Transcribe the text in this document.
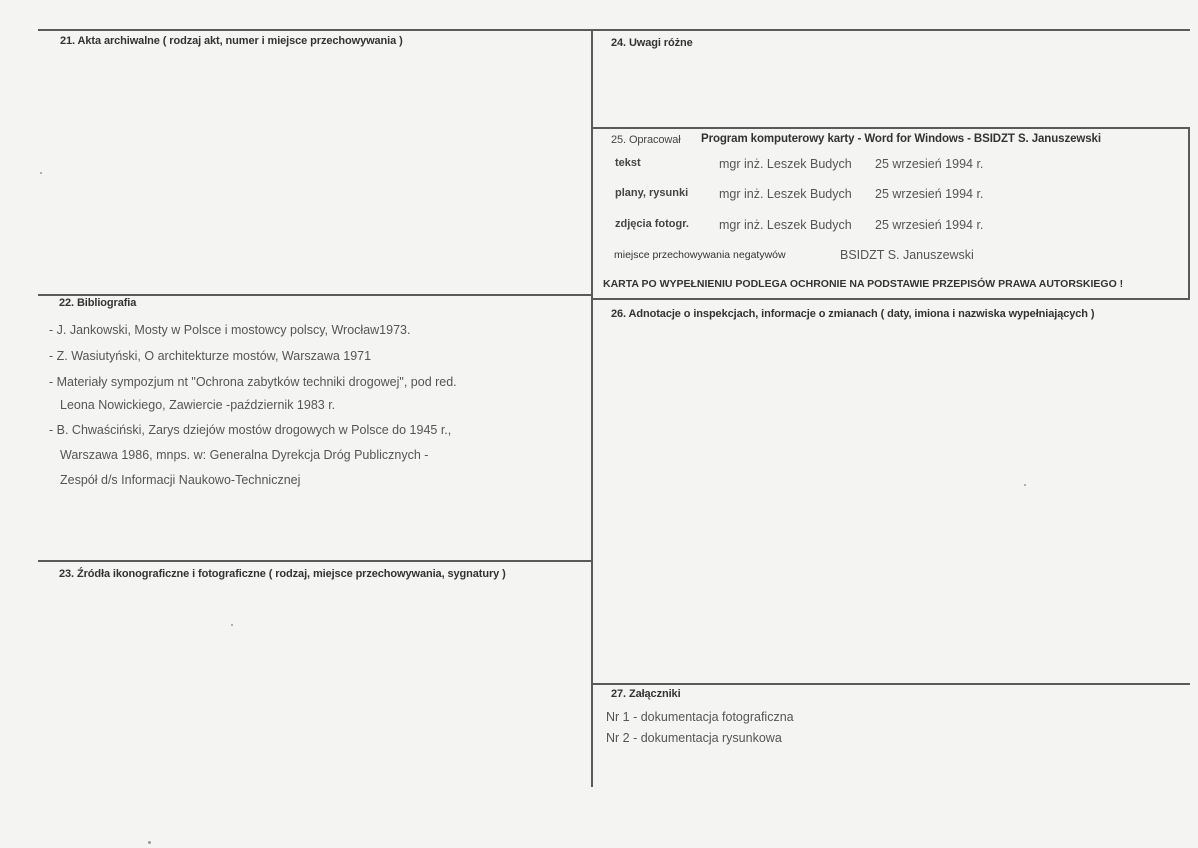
21. Akta archiwalne ( rodzaj akt, numer i miejsce przechowywania )	24. Uwagi różne
25. Opracował Program komputerowy karty - Word for Windows - BSIDZT S. Januszewski
tekst	mgr inż. Leszek Budych 25 wrzesień 1994 r.
plany, rysunki mgr inż. Leszek Budych 25 wrzesień 1994 r.
zdjęcia fotogr. mgr inż. Leszek Budych 25 wrzesień 1994 r.
miejsce przechowywania negatywów	BSIDZT S. Januszewski
KARTA PO WYPEŁNIENIU PODLEGA OCHRONIE NA PODSTAWIE PRZEPISÓW PRAWA AUTORSKIEGO !
22. Bibliografia
- J. Jankowski, Mosty w Polsce i mostowcy polscy, Wrocław1973.
- Z. Wasiutyński, O architekturze mostów, Warszawa 1971
- Materiały sympozjum nt "Ochrona zabytków techniki drogowej", pod red.
Leona Nowickiego, Zawiercie -październik 1983 r.
- B. Chwaściński, Zarys dziejów mostów drogowych w Polsce do 1945 r.,
Warszawa 1986, mnps. w: Generalna Dyrekcja Dróg Publicznych -
Zespół d/s Informacji Naukowo-Technicznej
26. Adnotacje o inspekcjach, informacje o zmianach ( daty, imiona i nazwiska wypełniających )
23. Źródła ikonograficzne i fotograficzne ( rodzaj, miejsce przechowywania, sygnatury )
27. Załączniki
Nr 1 - dokumentacja fotograficzna
Nr 2 - dokumentacja rysunkowa
